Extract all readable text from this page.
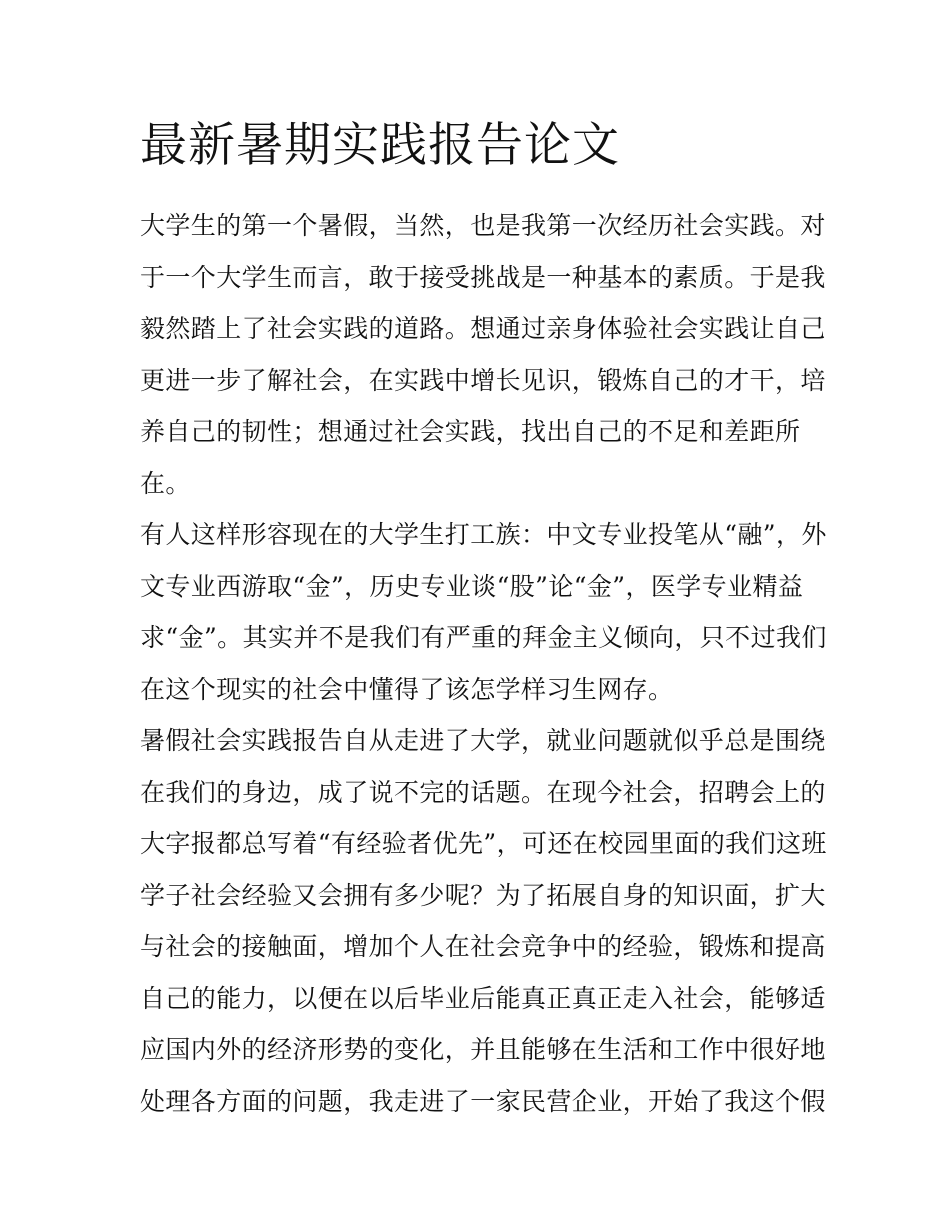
最新暑期实践报告论文
大学生的第一个暑假，当然，也是我第一次经历社会实践。对
于一个大学生而言，敢于接受挑战是一种基本的素质。于是我
毅然踏上了社会实践的道路。想通过亲身体验社会实践让自己
更进一步了解社会，在实践中增长见识，锻炼自己的才干，培
养自己的韧性；想通过社会实践，找出自己的不足和差距所
在。
有人这样形容现在的大学生打工族：中文专业投笔从“融”，外
文专业西游取“金”，历史专业谈“股”论“金”，医学专业精益
求“金”。其实并不是我们有严重的拜金主义倾向，只不过我们
在这个现实的社会中懂得了该怎学样习生网存。
暑假社会实践报告自从走进了大学，就业问题就似乎总是围绕
在我们的身边，成了说不完的话题。在现今社会，招聘会上的
大字报都总写着“有经验者优先”，可还在校园里面的我们这班
学子社会经验又会拥有多少呢？为了拓展自身的知识面，扩大
与社会的接触面，增加个人在社会竞争中的经验，锻炼和提高
自己的能力，以便在以后毕业后能真正真正走入社会，能够适
应国内外的经济形势的变化，并且能够在生活和工作中很好地
处理各方面的问题，我走进了一家民营企业，开始了我这个假
